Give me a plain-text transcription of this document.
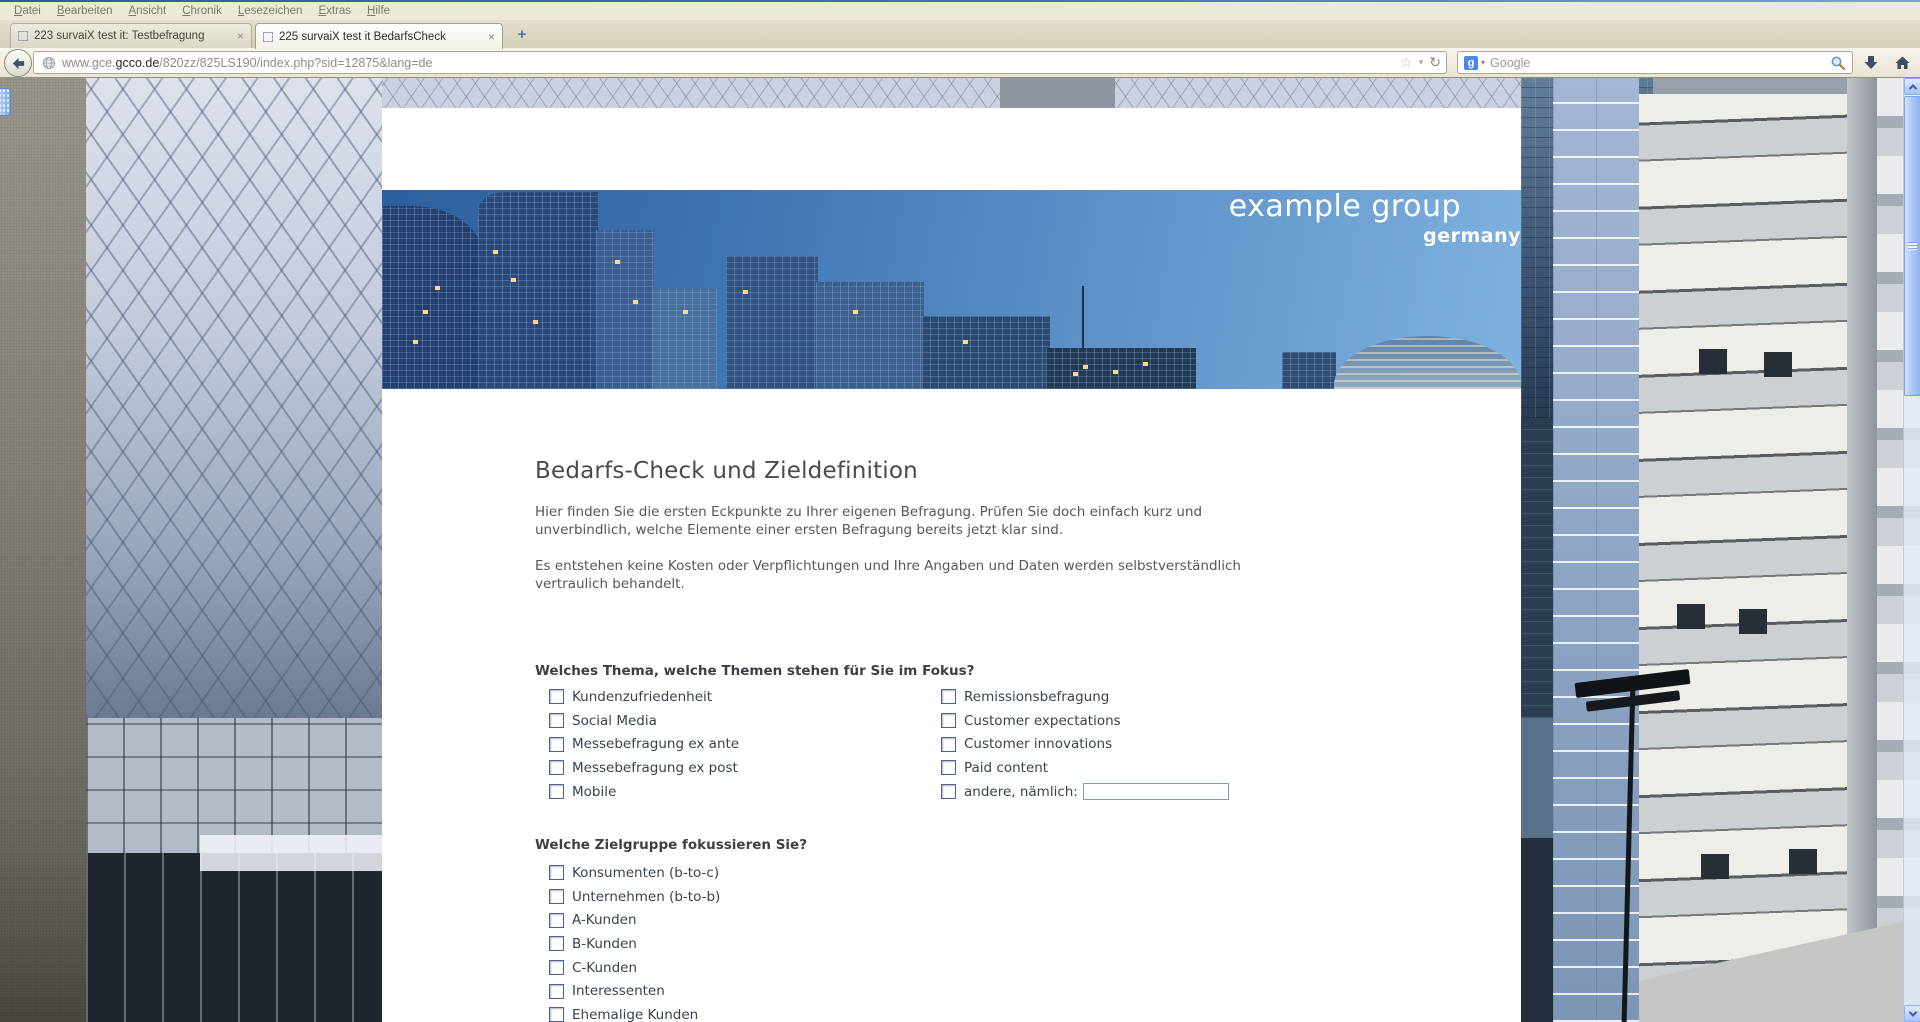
Datei	Bearbeiten	Ansicht	Chronik	Lesezeichen	Extras	Hilfe
223 survaiX test it: Testbefragung	×	225 survaiX test it BedarfsCheck	×	+
www.gce.gcco.de/820zz/825LS190/index.php?sid=12875&lang=de	☆ ▾ ↻	g ▾ Google
example group
germany
Bedarfs-Check und Zieldefinition

Hier finden Sie die ersten Eckpunkte zu Ihrer eigenen Befragung. Prüfen Sie doch einfach kurz und unverbindlich, welche Elemente einer ersten Befragung bereits jetzt klar sind.

Es entstehen keine Kosten oder Verpflichtungen und Ihre Angaben und Daten werden selbstverständlich vertraulich behandelt.

Welches Thema, welche Themen stehen für Sie im Fokus?
Kundenzufriedenheit
Social Media
Messebefragung ex ante
Messebefragung ex post
Mobile
Remissionsbefragung
Customer expectations
Customer innovations
Paid content
andere, nämlich:
Welche Zielgruppe fokussieren Sie?
Konsumenten (b-to-c)
Unternehmen (b-to-b)
A-Kunden
B-Kunden
C-Kunden
Interessenten
Ehemalige Kunden
